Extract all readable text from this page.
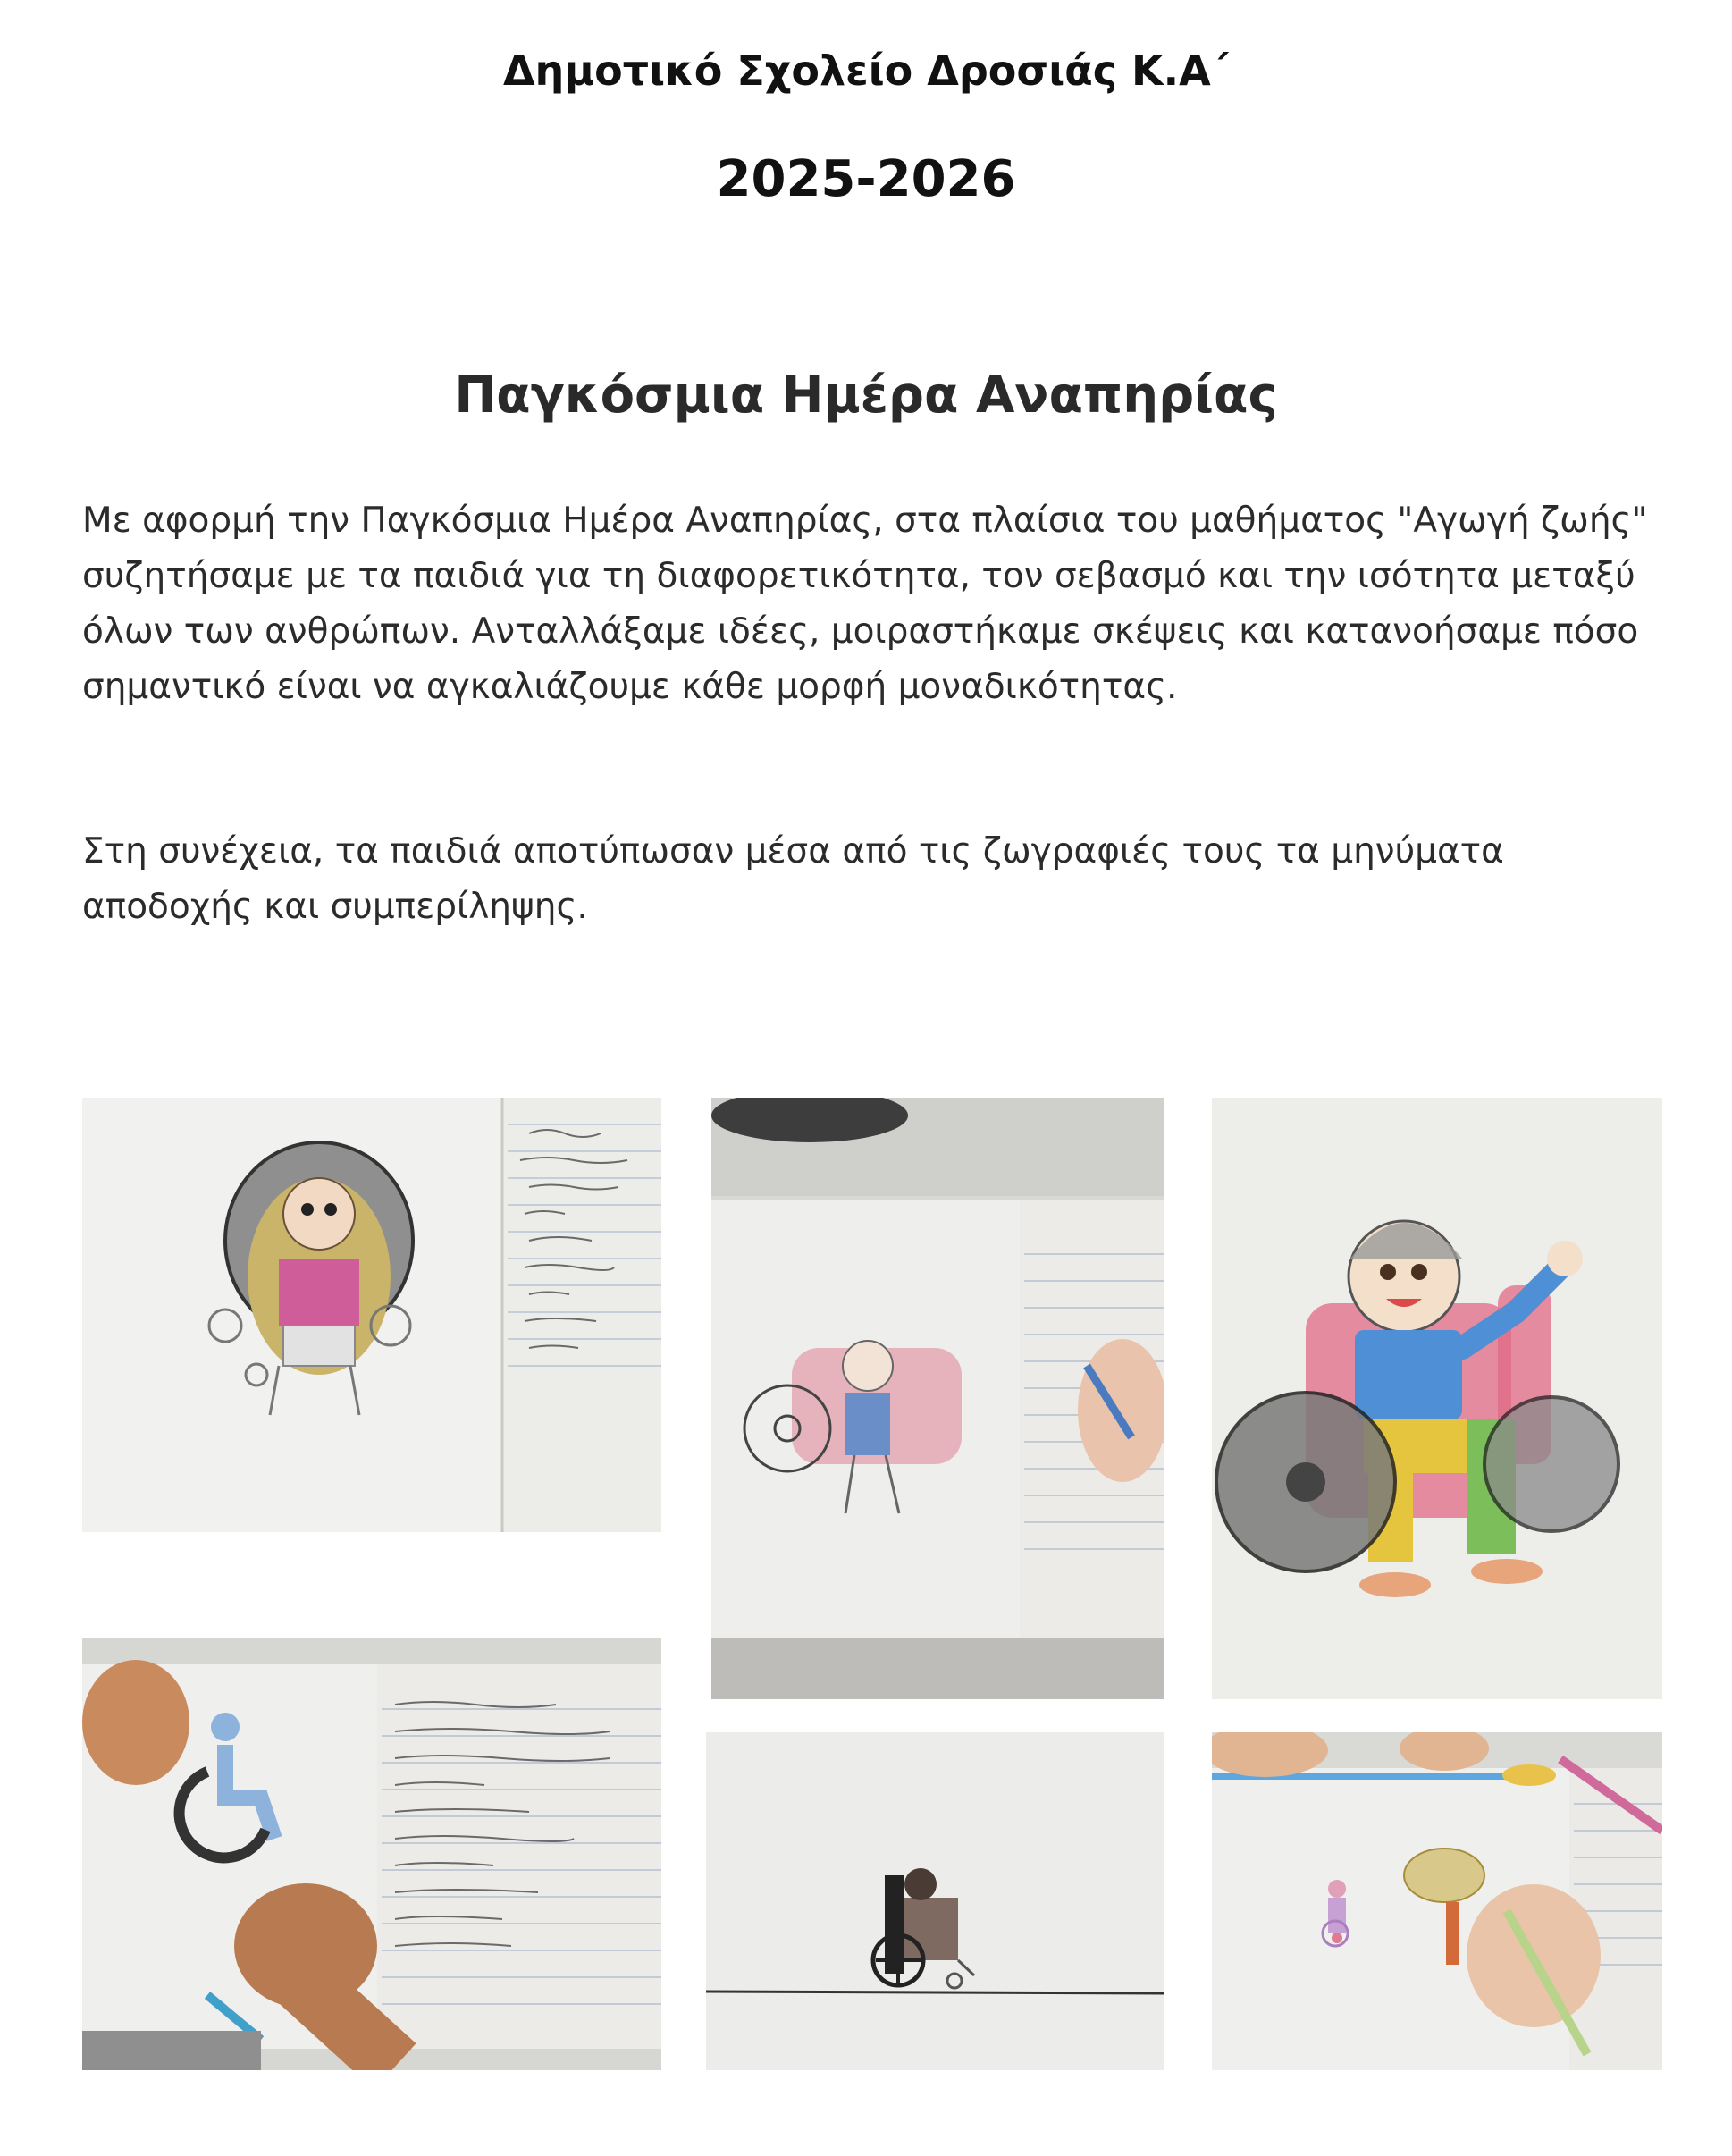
Δημοτικό Σχολείο Δροσιάς Κ.Α΄
2025-2026
Παγκόσμια Ημέρα Αναπηρίας

Με αφορμή την Παγκόσμια Ημέρα Αναπηρίας, στα πλαίσια του μαθήματος "Αγωγή ζωής" συζητήσαμε με τα παιδιά για τη διαφορετικότητα, τον σεβασμό και την ισότητα μεταξύ όλων των ανθρώπων. Ανταλλάξαμε ιδέες, μοιραστήκαμε σκέψεις και κατανοήσαμε πόσο σημαντικό είναι να αγκαλιάζουμε κάθε μορφή μοναδικότητας.

Στη συνέχεια, τα παιδιά αποτύπωσαν μέσα από τις ζωγραφιές τους τα μηνύματα αποδοχής και συμπερίληψης.
